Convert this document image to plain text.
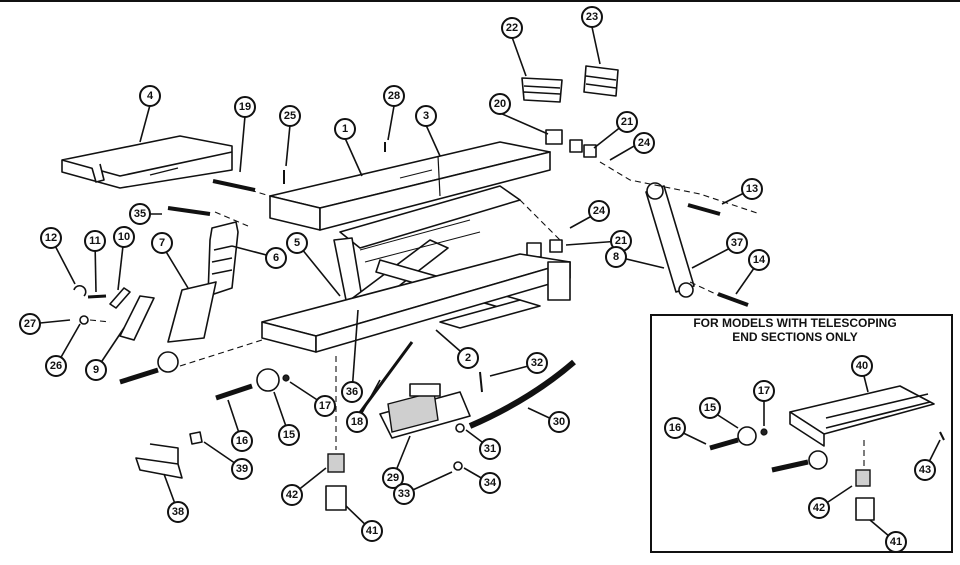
FOR MODELS WITH TELESCOPING
END SECTIONS ONLY
4
19
25
1
28
3
20
22
23
21
24
13
24
21	37
8	14
5
6
35
7
12	11 10
27
26	9
2	32
36
18
17
15
16
39
38
42
41
29
30
31
33
34
40
15
17
16
42
41
43
